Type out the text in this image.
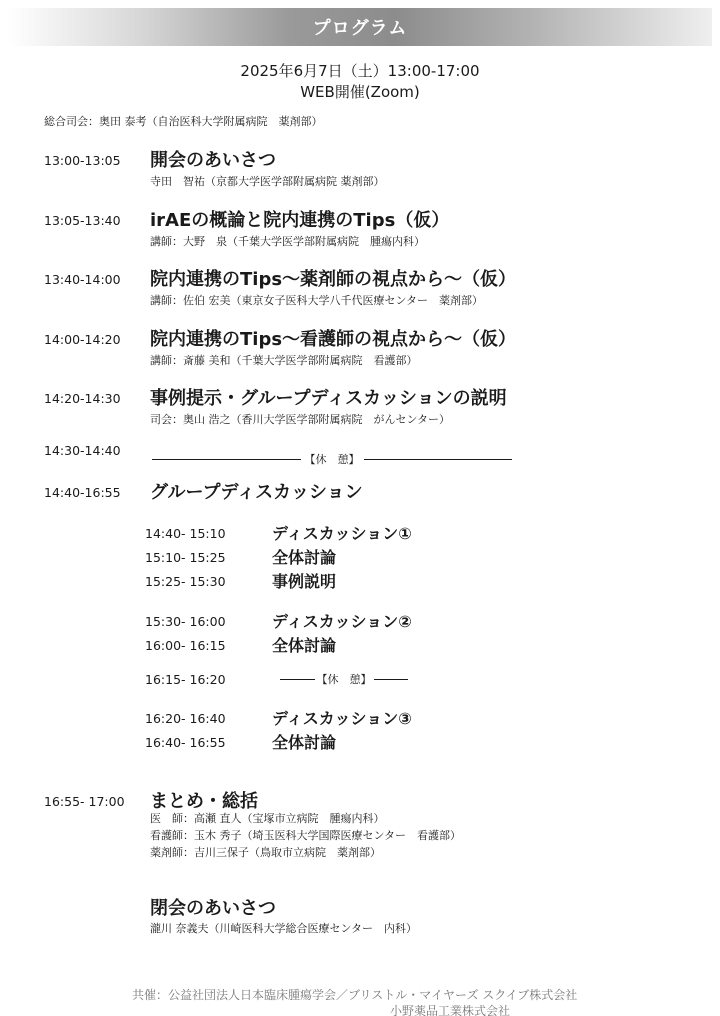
プログラム
2025年6月7日（土）13:00-17:00
WEB開催(Zoom)
総合司会：奥田 泰考（自治医科大学附属病院　薬剤部）
13:00-13:05 開会のあいさつ
寺田　智祐（京都大学医学部附属病院 薬剤部）
13:05-13:40 irAEの概論と院内連携のTips（仮）
講師：大野　泉（千葉大学医学部附属病院　腫瘍内科）
13:40-14:00 院内連携のTips～薬剤師の視点から～（仮）
講師：佐伯 宏美（東京女子医科大学八千代医療センター　薬剤部）
14:00-14:20 院内連携のTips～看護師の視点から～（仮）
講師：斎藤 美和（千葉大学医学部附属病院　看護部）
14:20-14:30 事例提示・グループディスカッションの説明
司会：奥山 浩之（香川大学医学部附属病院　がんセンター）
14:30-14:40
【休　憩】
14:40-16:55 グループディスカッション
14:40- 15:10	ディスカッション①
15:10- 15:25	全体討論
15:25- 15:30	事例説明
15:30- 16:00	ディスカッション②
16:00- 16:15	全体討論
16:15- 16:20	【休　憩】
16:20- 16:40	ディスカッション③
16:40- 16:55	全体討論
16:55- 17:00 まとめ・総括
医　師：高瀬 直人（宝塚市立病院　腫瘍内科）
看護師：玉木 秀子（埼玉医科大学国際医療センター　看護部）
薬剤師：吉川三保子（鳥取市立病院　薬剤部）
閉会のあいさつ
瀧川 奈義夫（川崎医科大学総合医療センター　内科）
共催：公益社団法人日本臨床腫瘍学会／ブリストル・マイヤーズ スクイブ株式会社
小野薬品工業株式会社
